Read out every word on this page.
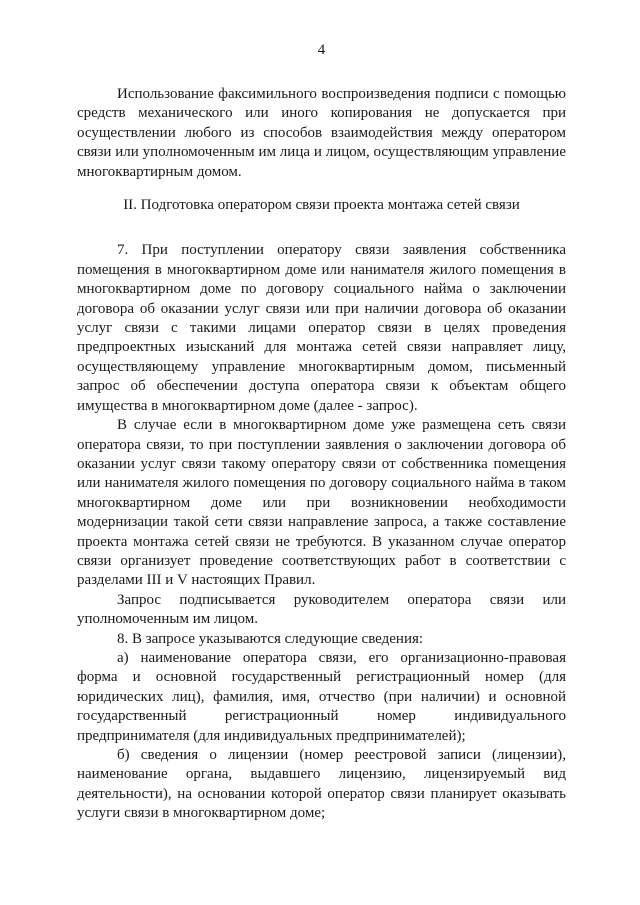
4

Использование факсимильного воспроизведения подписи с помощью средств механического или иного копирования не допускается при осуществлении любого из способов взаимодействия между оператором связи или уполномоченным им лица и лицом, осуществляющим управление многоквартирным домом.

II. Подготовка оператором связи проекта монтажа сетей связи

7. При поступлении оператору связи заявления собственника помещения в многоквартирном доме или нанимателя жилого помещения в многоквартирном доме по договору социального найма о заключении договора об оказании услуг связи или при наличии договора об оказании услуг связи с такими лицами оператор связи в целях проведения предпроектных изысканий для монтажа сетей связи направляет лицу, осуществляющему управление многоквартирным домом, письменный запрос об обеспечении доступа оператора связи к объектам общего имущества в многоквартирном доме (далее - запрос).

В случае если в многоквартирном доме уже размещена сеть связи оператора связи, то при поступлении заявления о заключении договора об оказании услуг связи такому оператору связи от собственника помещения или нанимателя жилого помещения по договору социального найма в таком многоквартирном доме или при возникновении необходимости модернизации такой сети связи направление запроса, а также составление проекта монтажа сетей связи не требуются. В указанном случае оператор связи организует проведение соответствующих работ в соответствии с разделами III и V настоящих Правил.

Запрос подписывается руководителем оператора связи или уполномоченным им лицом.

8. В запросе указываются следующие сведения:

а) наименование оператора связи, его организационно-правовая форма и основной государственный регистрационный номер (для юридических лиц), фамилия, имя, отчество (при наличии) и основной государственный регистрационный номер индивидуального предпринимателя (для индивидуальных предпринимателей);

б) сведения о лицензии (номер реестровой записи (лицензии), наименование органа, выдавшего лицензию, лицензируемый вид деятельности), на основании которой оператор связи планирует оказывать услуги связи в многоквартирном доме;
